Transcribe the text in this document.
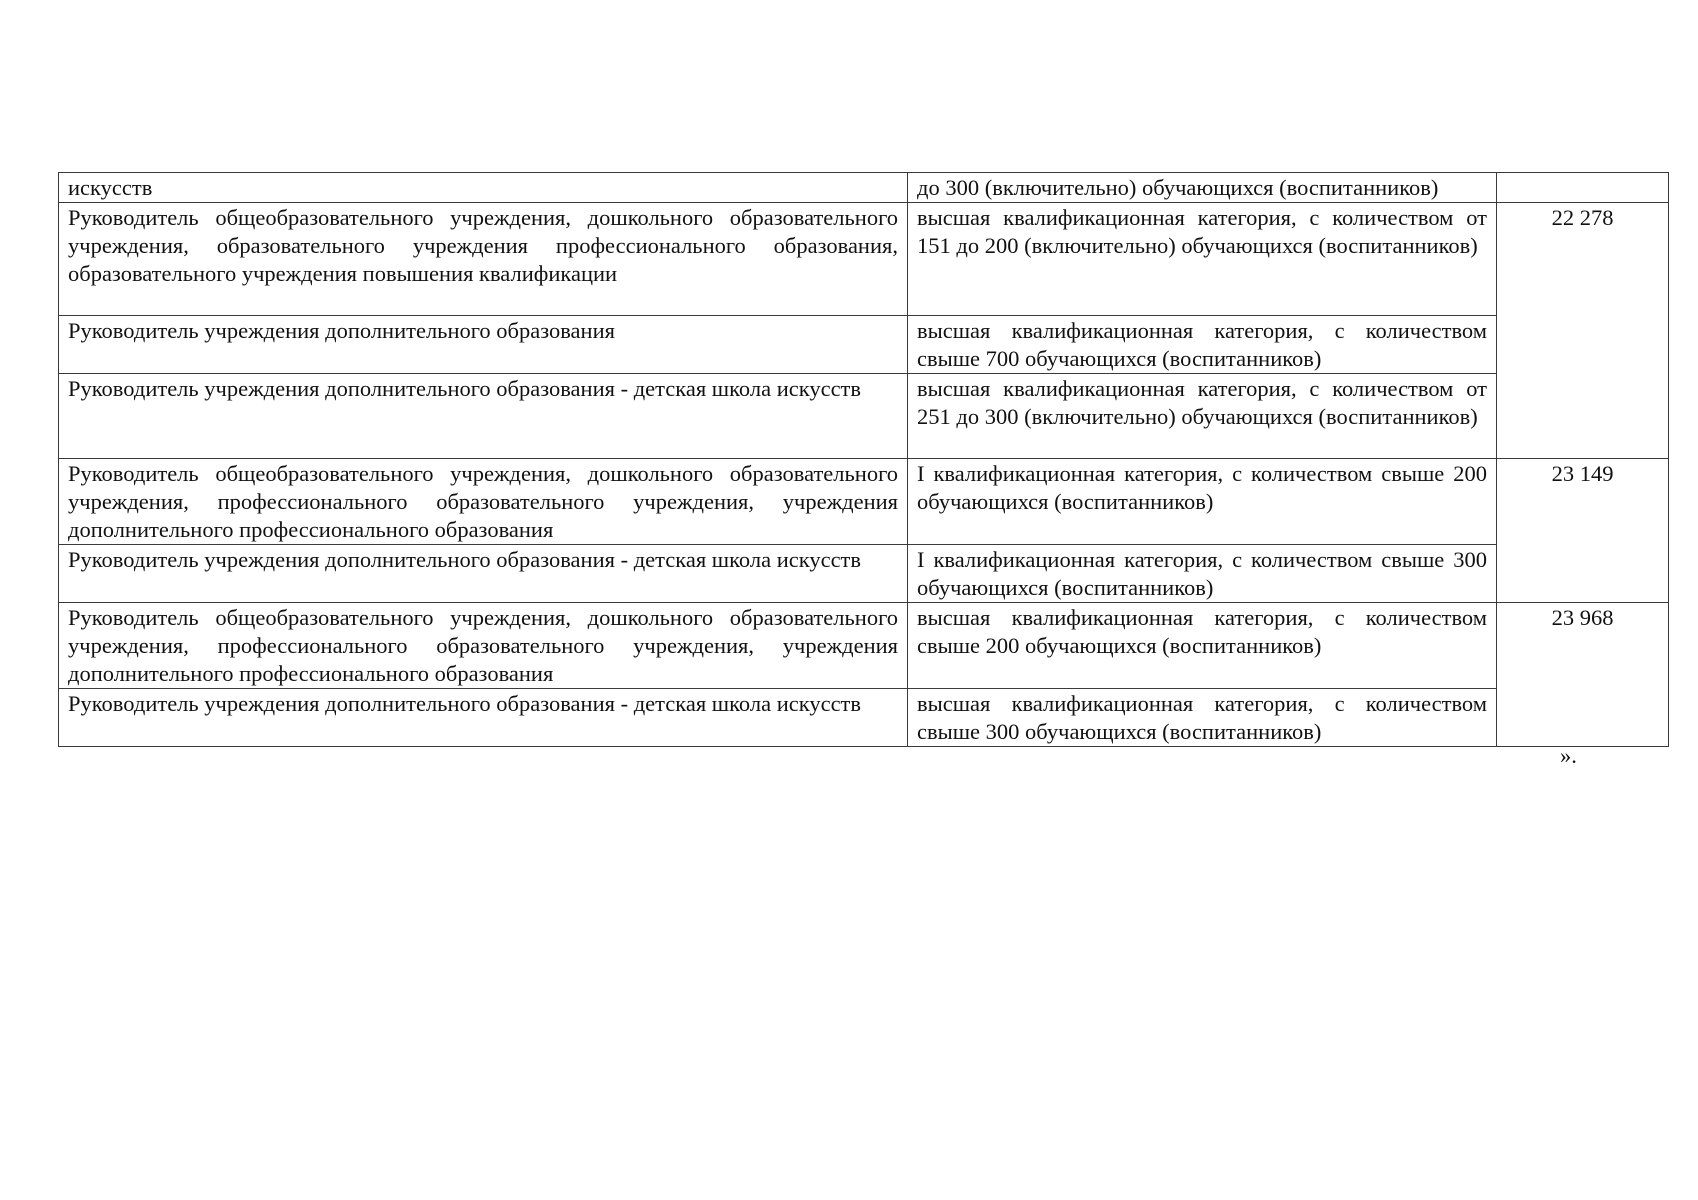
искусств	до 300 (включительно) обучающихся (воспитанников)	
Руководитель общеобразовательного учреждения, дошкольного образовательного учреждения, образовательного учреждения профессионального образования, образовательного учреждения повышения квалификации	высшая квалификационная категория, с количеством от 151 до 200 (включительно) обучающихся (воспитанников)	22 278
Руководитель учреждения дополнительного образования	высшая квалификационная категория, с количеством свыше 700 обучающихся (воспитанников)	
Руководитель учреждения дополнительного образования - детская школа искусств	высшая квалификационная категория, с количеством от 251 до 300 (включительно) обучающихся (воспитанников)	
Руководитель общеобразовательного учреждения, дошкольного образовательного учреждения, профессионального образовательного учреждения, учреждения дополнительного профессионального образования	I квалификационная категория, с количеством свыше 200 обучающихся (воспитанников)	23 149
Руководитель учреждения дополнительного образования - детская школа искусств	I квалификационная категория, с количеством свыше 300 обучающихся (воспитанников)	
Руководитель общеобразовательного учреждения, дошкольного образовательного учреждения, профессионального образовательного учреждения, учреждения дополнительного профессионального образования	высшая квалификационная категория, с количеством свыше 200 обучающихся (воспитанников)	23 968
Руководитель учреждения дополнительного образования - детская школа искусств	высшая квалификационная категория, с количеством свыше 300 обучающихся (воспитанников)	
».
